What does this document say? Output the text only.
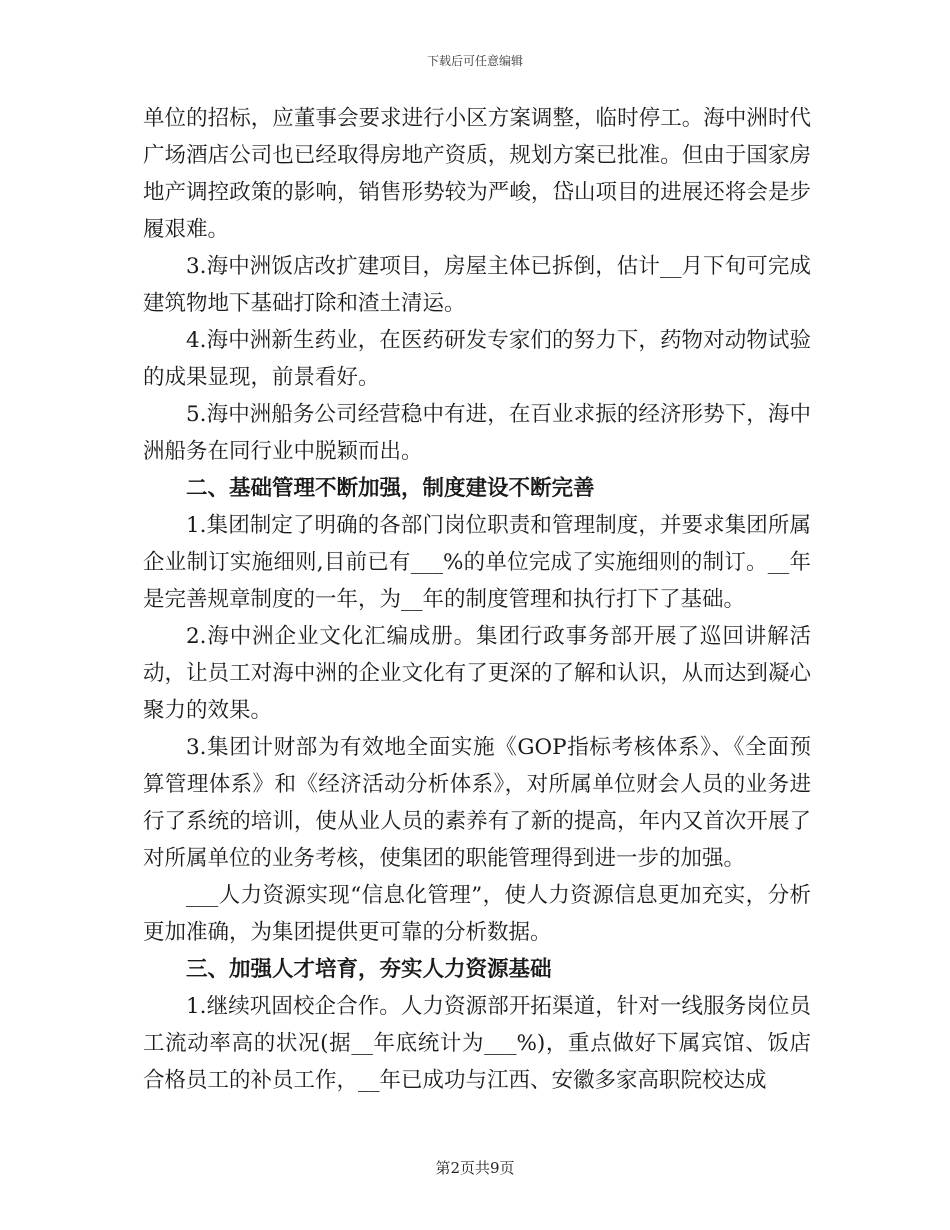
下载后可任意编辑

单位的招标，应董事会要求进行小区方案调整，临时停工。海中洲时代广场酒店公司也已经取得房地产资质，规划方案已批准。但由于国家房地产调控政策的影响，销售形势较为严峻，岱山项目的进展还将会是步履艰难。

3.海中洲饭店改扩建项目，房屋主体已拆倒，估计__月下旬可完成建筑物地下基础打除和渣土清运。

4.海中洲新生药业，在医药研发专家们的努力下，药物对动物试验的成果显现，前景看好。

5.海中洲船务公司经营稳中有进，在百业求振的经济形势下，海中洲船务在同行业中脱颖而出。

二、基础管理不断加强，制度建设不断完善

1.集团制定了明确的各部门岗位职责和管理制度，并要求集团所属企业制订实施细则,目前已有___%的单位完成了实施细则的制订。__年是完善规章制度的一年，为__年的制度管理和执行打下了基础。

2.海中洲企业文化汇编成册。集团行政事务部开展了巡回讲解活动，让员工对海中洲的企业文化有了更深的了解和认识，从而达到凝心聚力的效果。

3.集团计财部为有效地全面实施《GOP指标考核体系》、《全面预算管理体系》和《经济活动分析体系》，对所属单位财会人员的业务进行了系统的培训，使从业人员的素养有了新的提高，年内又首次开展了对所属单位的业务考核，使集团的职能管理得到进一步的加强。

___人力资源实现“信息化管理”，使人力资源信息更加充实，分析更加准确，为集团提供更可靠的分析数据。

三、加强人才培育，夯实人力资源基础

1.继续巩固校企合作。人力资源部开拓渠道，针对一线服务岗位员工流动率高的状况(据__年底统计为___%)，重点做好下属宾馆、饭店合格员工的补员工作，__年已成功与江西、安徽多家高职院校达成

第2页共9页
